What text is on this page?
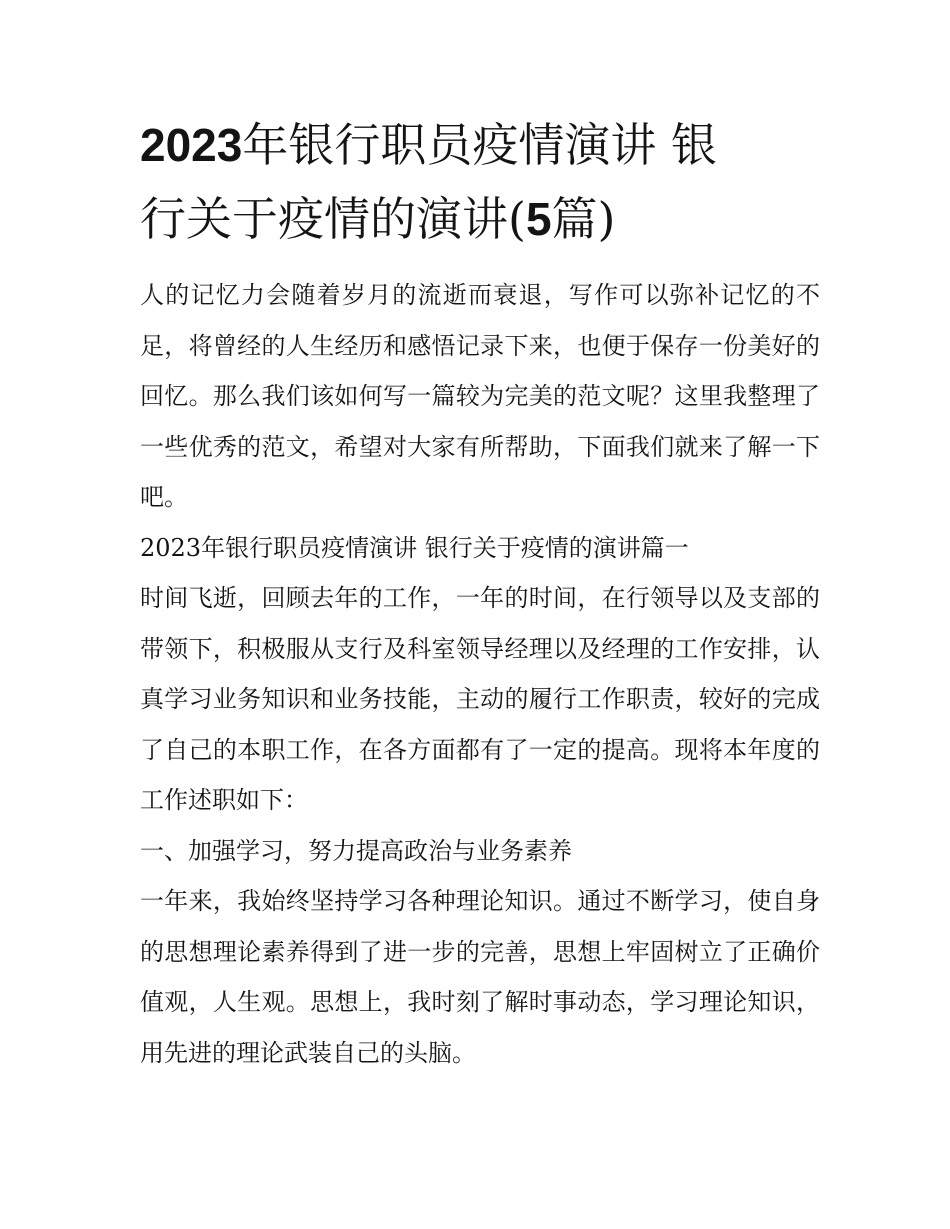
2023年银行职员疫情演讲 银
行关于疫情的演讲(5篇)

人的记忆力会随着岁月的流逝而衰退，写作可以弥补记忆的不足，将曾经的人生经历和感悟记录下来，也便于保存一份美好的回忆。那么我们该如何写一篇较为完美的范文呢？这里我整理了一些优秀的范文，希望对大家有所帮助，下面我们就来了解一下吧。

2023年银行职员疫情演讲 银行关于疫情的演讲篇一

时间飞逝，回顾去年的工作，一年的时间，在行领导以及支部的带领下，积极服从支行及科室领导经理以及经理的工作安排，认真学习业务知识和业务技能，主动的履行工作职责，较好的完成了自己的本职工作，在各方面都有了一定的提高。现将本年度的工作述职如下：

一、加强学习，努力提高政治与业务素养

一年来，我始终坚持学习各种理论知识。通过不断学习，使自身的思想理论素养得到了进一步的完善，思想上牢固树立了正确价值观，人生观。思想上，我时刻了解时事动态，学习理论知识，用先进的理论武装自己的头脑。
